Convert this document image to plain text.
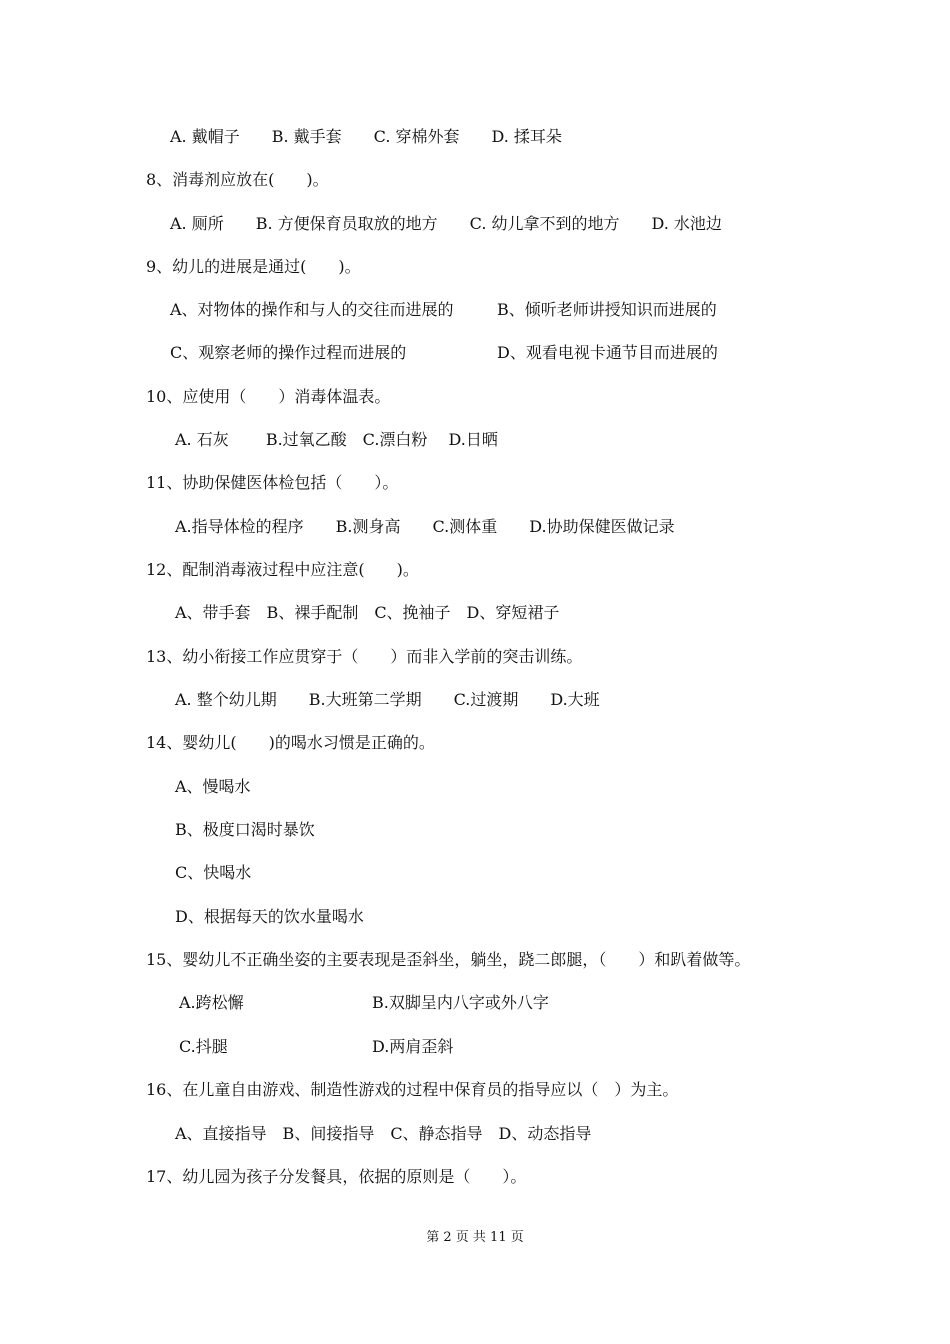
A. 戴帽子　　B. 戴手套　　C. 穿棉外套　　D. 揉耳朵
8、消毒剂应放在(　　)。
A. 厕所　　B. 方便保育员取放的地方　　C. 幼儿拿不到的地方　　D. 水池边
9、幼儿的进展是通过(　　)。
A、对物体的操作和与人的交往而进展的	B、倾听老师讲授知识而进展的
C、观察老师的操作过程而进展的	D、观看电视卡通节目而进展的
10、应使用（　　）消毒体温表。
A. 石灰　　 B.过氧乙酸　C.漂白粉　 D.日晒
11、协助保健医体检包括（　　）。
A.指导体检的程序　　B.测身高　　C.测体重　　D.协助保健医做记录
12、配制消毒液过程中应注意(　　)。
A、带手套　B、裸手配制　C、挽袖子　D、穿短裙子
13、幼小衔接工作应贯穿于（　　）而非入学前的突击训练。
A. 整个幼儿期　　B.大班第二学期　　C.过渡期　　D.大班
14、婴幼儿(　　)的喝水习惯是正确的。
A、慢喝水
B、极度口渴时暴饮
C、快喝水
D、根据每天的饮水量喝水
15、婴幼儿不正确坐姿的主要表现是歪斜坐，躺坐，跷二郎腿，（　　）和趴着做等。
A.跨松懈	B.双脚呈内八字或外八字
C.抖腿	D.两肩歪斜
16、在儿童自由游戏、制造性游戏的过程中保育员的指导应以（　）为主。
A、直接指导　B、间接指导　C、静态指导　D、动态指导
17、幼儿园为孩子分发餐具，依据的原则是（　　）。
第 2 页 共 11 页
